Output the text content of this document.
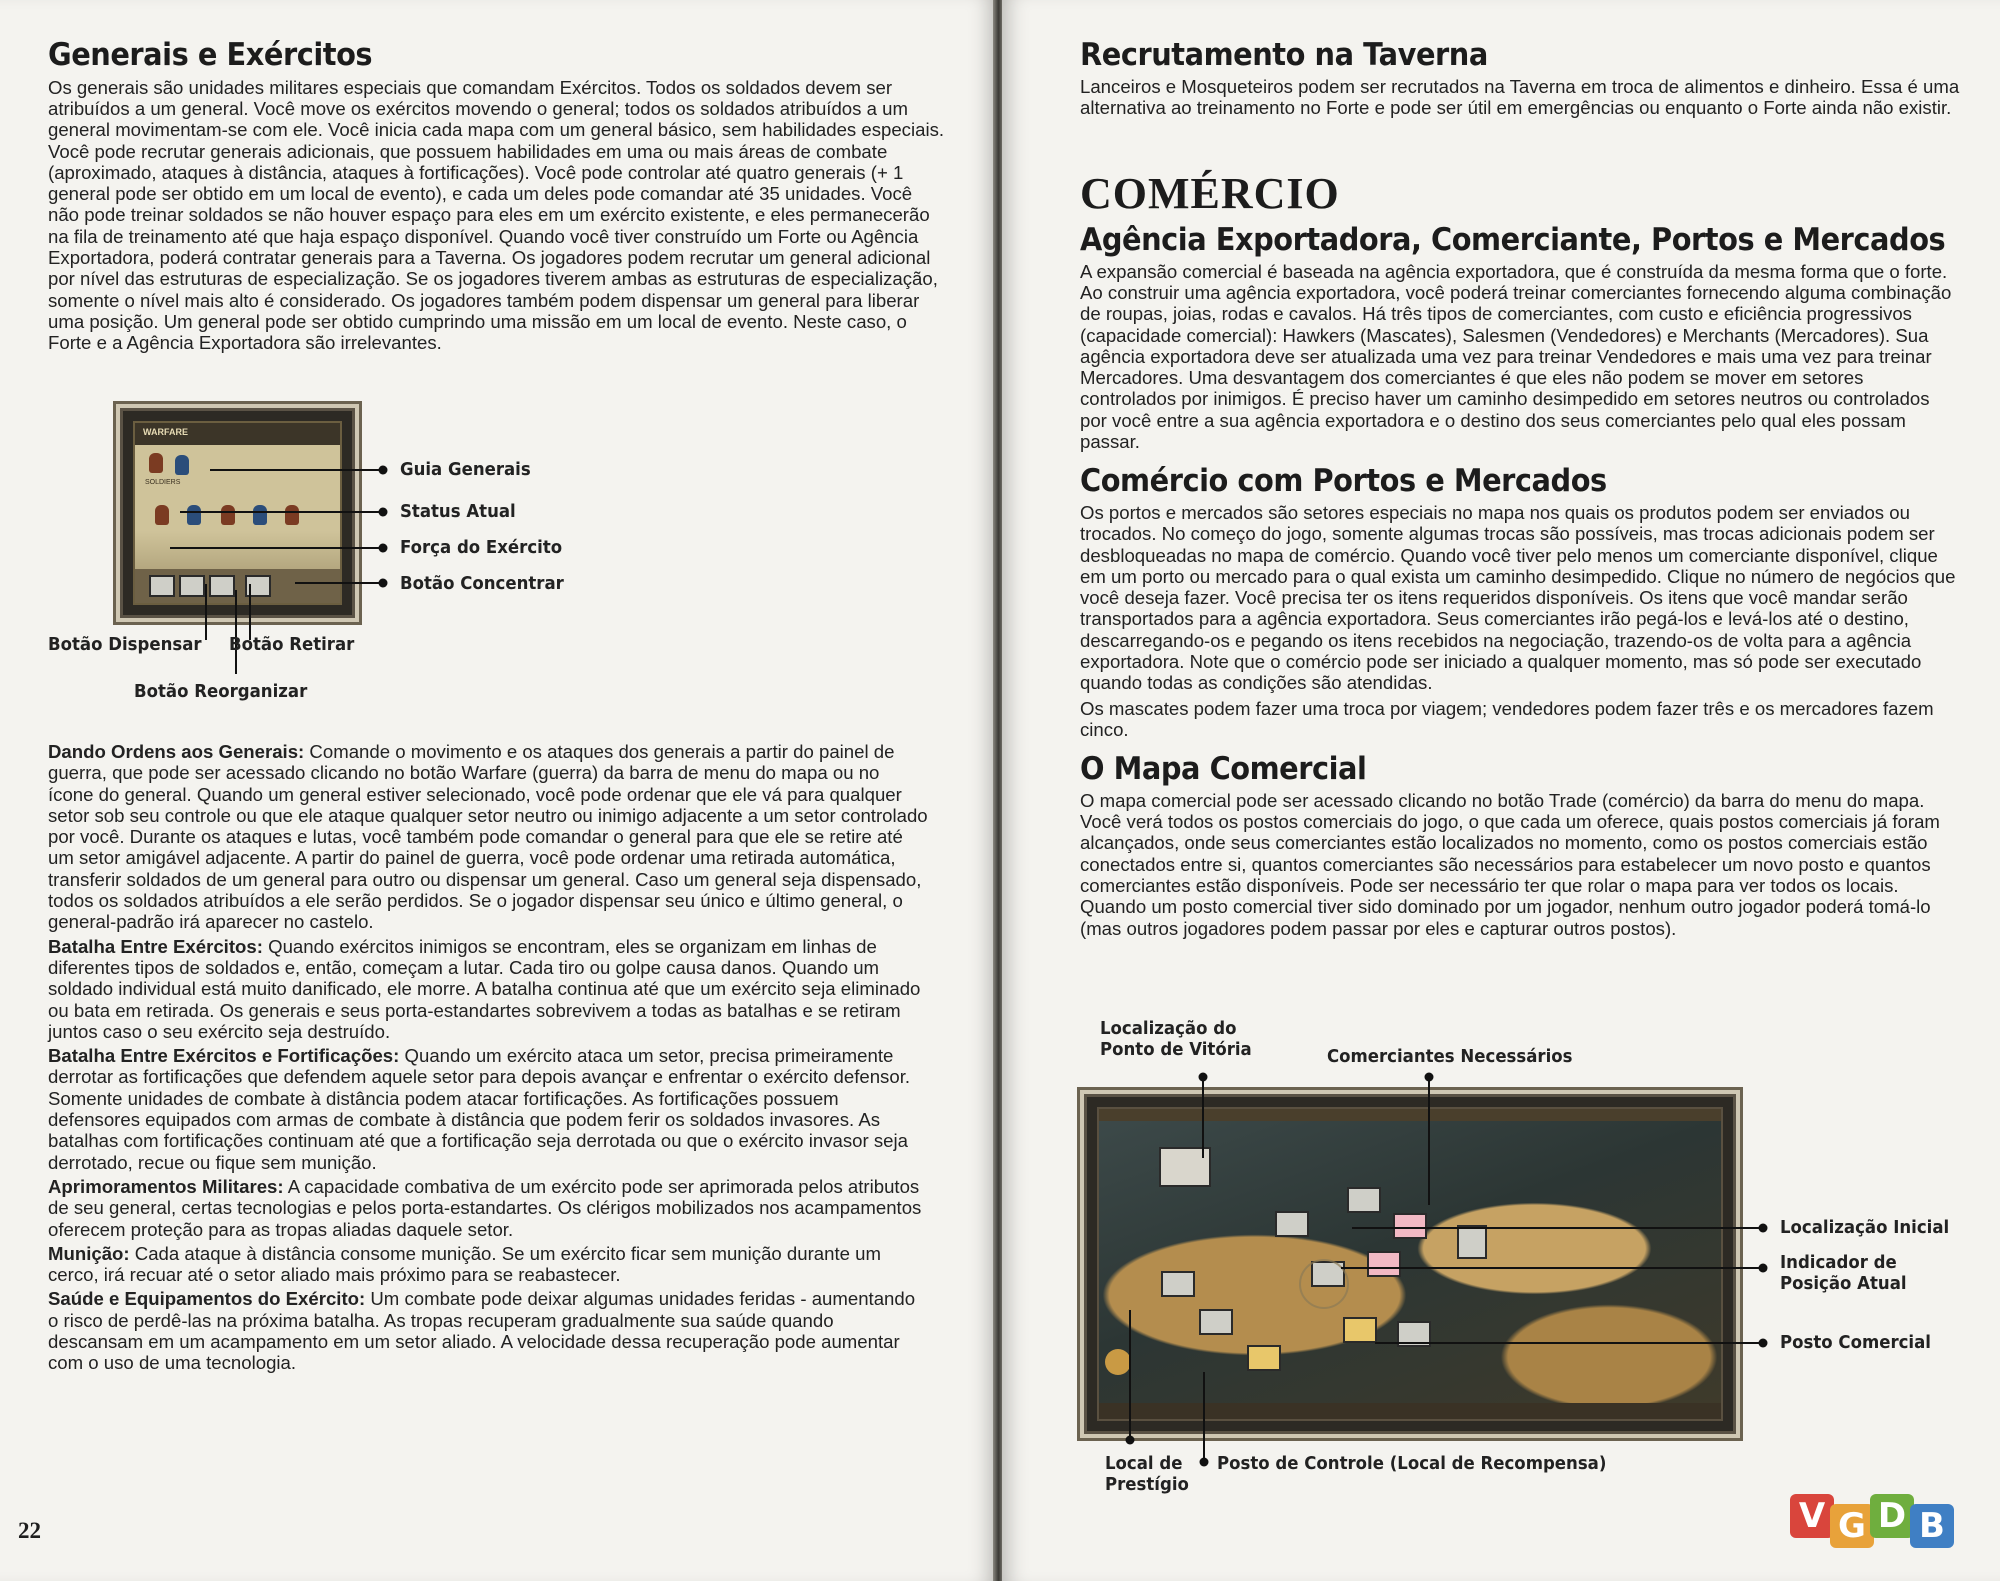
Generais e Exércitos

Os generais são unidades militares especiais que comandam Exércitos. Todos os soldados devem ser atribuídos a um general. Você move os exércitos movendo o general; todos os soldados atribuídos a um general movimentam-se com ele. Você inicia cada mapa com um general básico, sem habilidades especiais. Você pode recrutar generais adicionais, que possuem habilidades em uma ou mais áreas de combate (aproximado, ataques à distância, ataques à fortificações). Você pode controlar até quatro generais (+ 1 general pode ser obtido em um local de evento), e cada um deles pode comandar até 35 unidades. Você não pode treinar soldados se não houver espaço para eles em um exército existente, e eles permanecerão na fila de treinamento até que haja espaço disponível. Quando você tiver construído um Forte ou Agência Exportadora, poderá contratar generais para a Taverna. Os jogadores podem recrutar um general adicional por nível das estruturas de especialização. Se os jogadores tiverem ambas as estruturas de especialização, somente o nível mais alto é considerado. Os jogadores também podem dispensar um general para liberar uma posição. Um general pode ser obtido cumprindo uma missão em um local de evento. Neste caso, o Forte e a Agência Exportadora são irrelevantes.

WARFARE
SOLDIERS
Guia Generais
Status Atual
Força do Exército
Botão Concentrar
Botão Dispensar Botão Retirar
Botão Reorganizar

Dando Ordens aos Generais: Comande o movimento e os ataques dos generais a partir do painel de guerra, que pode ser acessado clicando no botão Warfare (guerra) da barra de menu do mapa ou no ícone do general. Quando um general estiver selecionado, você pode ordenar que ele vá para qualquer setor sob seu controle ou que ele ataque qualquer setor neutro ou inimigo adjacente a um setor controlado por você. Durante os ataques e lutas, você também pode comandar o general para que ele se retire até um setor amigável adjacente. A partir do painel de guerra, você pode ordenar uma retirada automática, transferir soldados de um general para outro ou dispensar um general. Caso um general seja dispensado, todos os soldados atribuídos a ele serão perdidos. Se o jogador dispensar seu único e último general, o general-padrão irá aparecer no castelo.

Batalha Entre Exércitos: Quando exércitos inimigos se encontram, eles se organizam em linhas de diferentes tipos de soldados e, então, começam a lutar. Cada tiro ou golpe causa danos. Quando um soldado individual está muito danificado, ele morre. A batalha continua até que um exército seja eliminado ou bata em retirada. Os generais e seus porta-estandartes sobrevivem a todas as batalhas e se retiram juntos caso o seu exército seja destruído.

Batalha Entre Exércitos e Fortificações: Quando um exército ataca um setor, precisa primeiramente derrotar as fortificações que defendem aquele setor para depois avançar e enfrentar o exército defensor. Somente unidades de combate à distância podem atacar fortificações. As fortificações possuem defensores equipados com armas de combate à distância que podem ferir os soldados invasores. As batalhas com fortificações continuam até que a fortificação seja derrotada ou que o exército invasor seja derrotado, recue ou fique sem munição.

Aprimoramentos Militares: A capacidade combativa de um exército pode ser aprimorada pelos atributos de seu general, certas tecnologias e pelos porta-estandartes. Os clérigos mobilizados nos acampamentos oferecem proteção para as tropas aliadas daquele setor.

Munição: Cada ataque à distância consome munição. Se um exército ficar sem munição durante um cerco, irá recuar até o setor aliado mais próximo para se reabastecer.

Saúde e Equipamentos do Exército: Um combate pode deixar algumas unidades feridas - aumentando o risco de perdê-las na próxima batalha. As tropas recuperam gradualmente sua saúde quando descansam em um acampamento em um setor aliado. A velocidade dessa recuperação pode aumentar com o uso de uma tecnologia.

22
Recrutamento na Taverna

Lanceiros e Mosqueteiros podem ser recrutados na Taverna em troca de alimentos e dinheiro. Essa é uma alternativa ao treinamento no Forte e pode ser útil em emergências ou enquanto o Forte ainda não existir.

COMÉRCIO
Agência Exportadora, Comerciante, Portos e Mercados

A expansão comercial é baseada na agência exportadora, que é construída da mesma forma que o forte. Ao construir uma agência exportadora, você poderá treinar comerciantes fornecendo alguma combinação de roupas, joias, rodas e cavalos. Há três tipos de comerciantes, com custo e eficiência progressivos (capacidade comercial): Hawkers (Mascates), Salesmen (Vendedores) e Merchants (Mercadores). Sua agência exportadora deve ser atualizada uma vez para treinar Vendedores e mais uma vez para treinar Mercadores. Uma desvantagem dos comerciantes é que eles não podem se mover em setores controlados por inimigos. É preciso haver um caminho desimpedido em setores neutros ou controlados por você entre a sua agência exportadora e o destino dos seus comerciantes pelo qual eles possam passar.

Comércio com Portos e Mercados

Os portos e mercados são setores especiais no mapa nos quais os produtos podem ser enviados ou trocados. No começo do jogo, somente algumas trocas são possíveis, mas trocas adicionais podem ser desbloqueadas no mapa de comércio. Quando você tiver pelo menos um comerciante disponível, clique em um porto ou mercado para o qual exista um caminho desimpedido. Clique no número de negócios que você deseja fazer. Você precisa ter os itens requeridos disponíveis. Os itens que você mandar serão transportados para a agência exportadora. Seus comerciantes irão pegá-los e levá-los até o destino, descarregando-os e pegando os itens recebidos na negociação, trazendo-os de volta para a agência exportadora. Note que o comércio pode ser iniciado a qualquer momento, mas só pode ser executado quando todas as condições são atendidas.

Os mascates podem fazer uma troca por viagem; vendedores podem fazer três e os mercadores fazem cinco.

O Mapa Comercial

O mapa comercial pode ser acessado clicando no botão Trade (comércio) da barra do menu do mapa. Você verá todos os postos comerciais do jogo, o que cada um oferece, quais postos comerciais já foram alcançados, onde seus comerciantes estão localizados no momento, como os postos comerciais estão conectados entre si, quantos comerciantes são necessários para estabelecer um novo posto e quantos comerciantes estão disponíveis. Pode ser necessário ter que rolar o mapa para ver todos os locais. Quando um posto comercial tiver sido dominado por um jogador, nenhum outro jogador poderá tomá-lo (mas outros jogadores podem passar por eles e capturar outros postos).

Localização do
Ponto de Vitória	Comerciantes Necessários
Localização Inicial
Indicador de
Posição Atual
Posto Comercial
Local de
Prestígio
Posto de Controle (Local de Recompensa)
V G D B
